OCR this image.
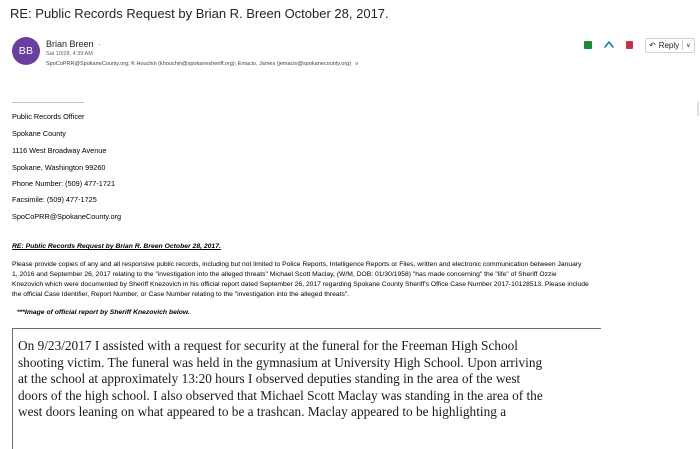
RE: Public Records Request by Brian R. Breen October 28, 2017.
BB
Brian Breen ·
Sat 10/28, 4:39 AM
SpoCoPRR@SpokaneCounty.org; K Houchin (khouchin@spokanesheriff.org); Emacio, James (jemacio@spokanecounty.org) ∨
↶ Reply ∨
Public Records Officer
Spokane County
1116 West Broadway Avenue
Spokane, Washington 99260
Phone Number: (509) 477-1721
Facsimile: (509) 477-1725
SpoCoPRR@SpokaneCounty.org
RE: Public Records Request by Brian R. Breen October 28, 2017.
Please provide copies of any and all responsive public records, including but not limited to Police Reports, Intelligence Reports or Files, written and electronic communication between January
1, 2016 and September 26, 2017 relating to the "investigation into the alleged threats" Michael Scott Maclay, (W/M, DOB: 01/30/1958) "has made concerning" the "life" of Sheriff Ozzie
Knezovich which were documented by Sheriff Knezovich in his official report dated September 26, 2017 regarding Spokane County Sheriff's Office Case Number 2017-10128513. Please include
the official Case Identifier, Report Number, or Case Number relating to the "investigation into the alleged threats".
***Image of official report by Sheriff Knezovich below.
On 9/23/2017 I assisted with a request for security at the funeral for the Freeman High School
shooting victim. The funeral was held in the gymnasium at University High School. Upon arriving
at the school at approximately 13:20 hours I observed deputies standing in the area of the west
doors of the high school. I also observed that Michael Scott Maclay was standing in the area of the
west doors leaning on what appeared to be a trashcan. Maclay appeared to be highlighting a
